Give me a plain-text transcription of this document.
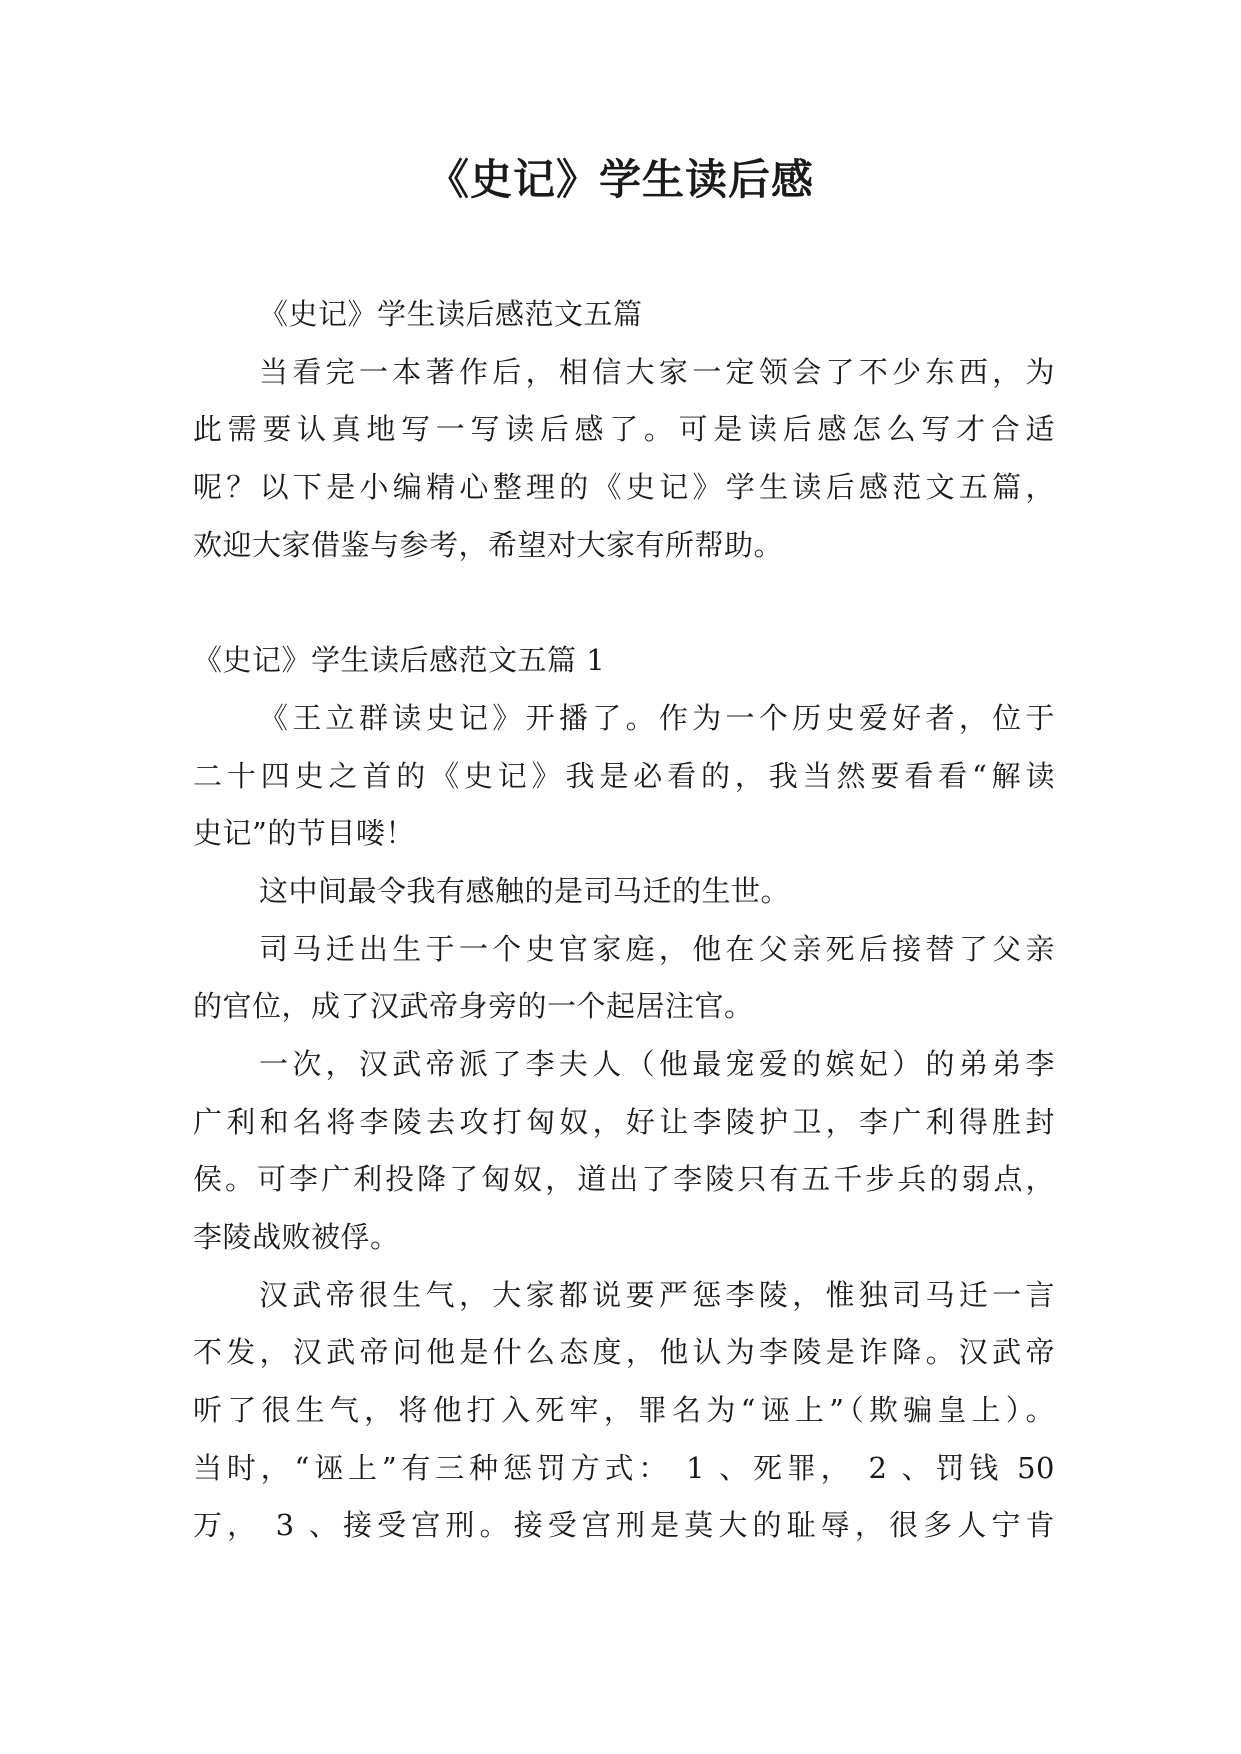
《史记》学生读后感
《史记》学生读后感范文五篇
当看完一本著作后，相信大家一定领会了不少东西，为
此需要认真地写一写读后感了。可是读后感怎么写才合适
呢？以下是小编精心整理的《史记》学生读后感范文五篇，
欢迎大家借鉴与参考，希望对大家有所帮助。
《史记》学生读后感范文五篇 1
《王立群读史记》开播了。作为一个历史爱好者，位于
二十四史之首的《史记》我是必看的，我当然要看看“解读
史记”的节目喽！
这中间最令我有感触的是司马迁的生世。
司马迁出生于一个史官家庭，他在父亲死后接替了父亲
的官位，成了汉武帝身旁的一个起居注官。
一次，汉武帝派了李夫人（他最宠爱的嫔妃）的弟弟李
广利和名将李陵去攻打匈奴，好让李陵护卫，李广利得胜封
侯。可李广利投降了匈奴，道出了李陵只有五千步兵的弱点，
李陵战败被俘。
汉武帝很生气，大家都说要严惩李陵，惟独司马迁一言
不发，汉武帝问他是什么态度，他认为李陵是诈降。汉武帝
听了很生气，将他打入死牢，罪名为“诬上”（欺骗皇上）。
当时，“诬上”有三种惩罚方式： 1 、死罪， 2 、罚钱 50
万， 3 、接受宫刑。接受宫刑是莫大的耻辱，很多人宁肯
